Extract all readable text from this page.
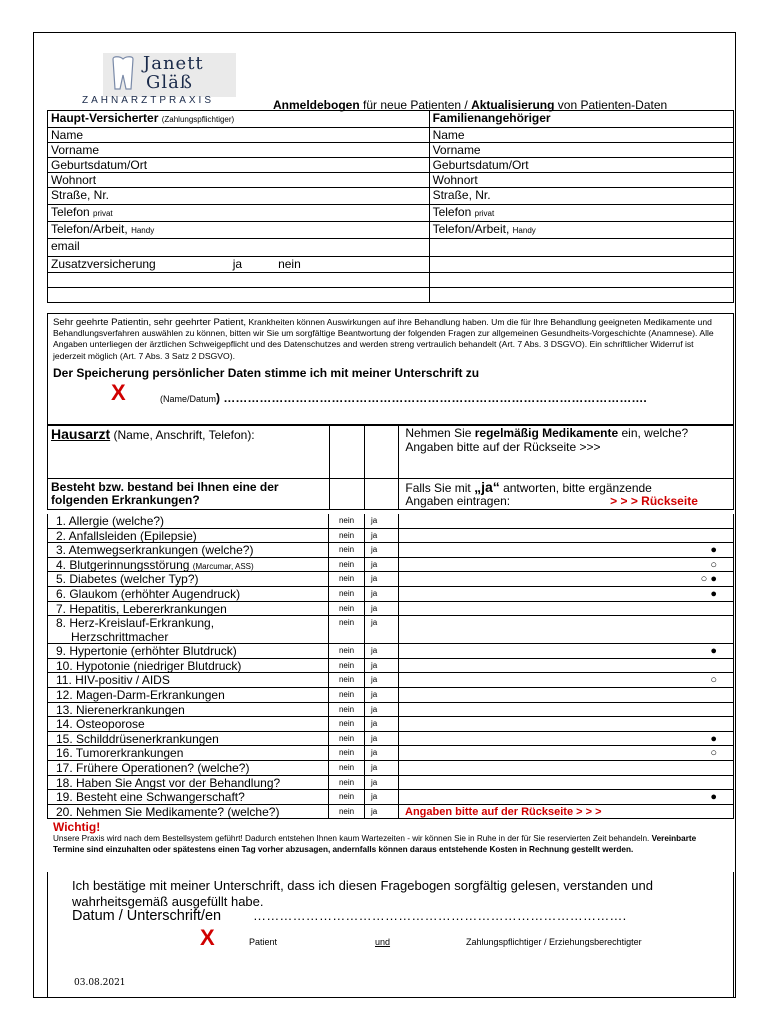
Janett
Gläß
ZAHNARZTPRAXIS	Anmeldebogen für neue Patienten / Aktualisierung von Patienten-Daten
Haupt-Versicherter (Zahlungspflichtiger)	Familienangehöriger
Name	Name
Vorname	Vorname
Geburtsdatum/Ort	Geburtsdatum/Ort
Wohnort	Wohnort
Straße, Nr.	Straße, Nr.
Telefon privat	Telefon privat
Telefon/Arbeit, Handy	Telefon/Arbeit, Handy
email	
Zusatzversicherung ja nein	

Sehr geehrte Patientin, sehr geehrter Patient, Krankheiten können Auswirkungen auf ihre Behandlung haben. Um die für Ihre Behandlung geeigneten Medikamente und Behandlungsverfahren auswählen zu können, bitten wir Sie um sorgfältige Beantwortung der folgenden Fragen zur allgemeinen Gesundheits-Vorgeschichte (Anamnese). Alle Angaben unterliegen der ärztlichen Schweigepflicht und des Datenschutzes and werden streng vertraulich behandelt (Art. 7 Abs. 3 DSGVO). Ein schriftlicher Widerruf ist jederzeit möglich (Art. 7 Abs. 3 Satz 2 DSGVO).
Der Speicherung persönlicher Daten stimme ich mit meiner Unterschrift zu
X	(Name/Datum) …………………………………………………………………………………………….
Hausarzt (Name, Anschrift, Telefon):			Nehmen Sie regelmäßig Medikamente ein, welche?
Angaben bitte auf der Rückseite >>>
Besteht bzw. bestand bei Ihnen eine der folgenden Erkrankungen?			Falls Sie mit „ja“ antworten, bitte ergänzende
Angaben eintragen: > > > Rückseite
1. Allergie (welche?)	nein	ja
2. Anfallsleiden (Epilepsie)	nein	ja
3. Atemwegserkrankungen (welche?)	nein	ja	●
4. Blutgerinnungsstörung (Marcumar, ASS)	nein	ja	○
5. Diabetes (welcher Typ?)	nein	ja	○ ●
6. Glaukom (erhöhter Augendruck)	nein	ja	●
7. Hepatitis, Lebererkrankungen	nein	ja
8. Herz-Kreislauf-Erkrankung,
Herzschrittmacher
nein	ja
9. Hypertonie (erhöhter Blutdruck)	nein	ja	●
10. Hypotonie (niedriger Blutdruck)	nein	ja
11. HIV-positiv / AIDS	nein	ja	○
12. Magen-Darm-Erkrankungen	nein	ja
13. Nierenerkrankungen	nein	ja
14. Osteoporose	nein	ja
15. Schilddrüsenerkrankungen	nein	ja	●
16. Tumorerkrankungen	nein	ja	○
17. Frühere Operationen? (welche?)	nein	ja
18. Haben Sie Angst vor der Behandlung?	nein	ja
19. Besteht eine Schwangerschaft?	nein	ja	●
20. Nehmen Sie Medikamente? (welche?)	nein	ja	Angaben bitte auf der Rückseite > > >
Wichtig!
Unsere Praxis wird nach dem Bestellsystem geführt! Dadurch entstehen Ihnen kaum Wartezeiten - wir können Sie in Ruhe in der für Sie reservierten Zeit behandeln. Vereinbarte Termine sind einzuhalten oder spätestens einen Tag vorher abzusagen, andernfalls können daraus entstehende Kosten in Rechnung gestellt werden.
Ich bestätige mit meiner Unterschrift, dass ich diesen Fragebogen sorgfältig gelesen, verstanden und wahrheitsgemäß ausgefüllt habe.
Datum / Unterschrift/en ………………………………………………………………………….
X	Patient	und	Zahlungspflichtiger / Erziehungsberechtigter
03.08.2021
